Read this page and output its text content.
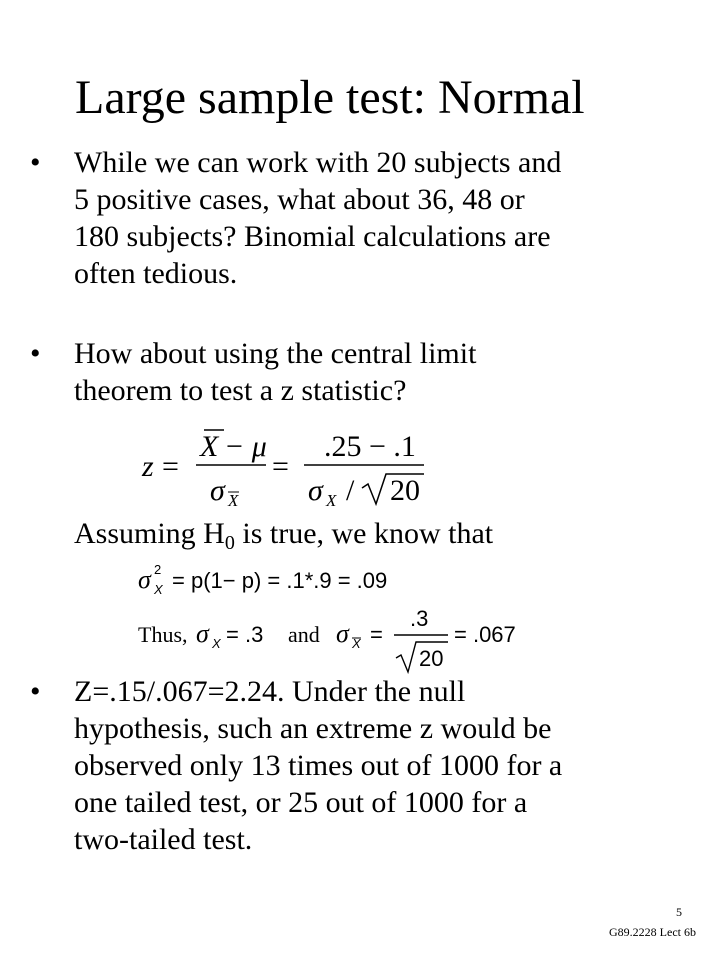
Large sample test: Normal
•	While we can work with 20 subjects and
5 positive cases, what about 36, 48 or
180 subjects? Binomial calculations are
often tedious.
•	How about using the central limit
theorem to test a z statistic?
z =
X − μ
σ X
=
.25 − .1
σ X / 20
Assuming $H_0$ is true, we know that
σ 2
X = p(1− p) = .1*.9 = .09
Thus, σ X = .3 and σ X =
.3
20
= .067
•	Z=.15/.067=2.24. Under the null
hypothesis, such an extreme z would be
observed only 13 times out of 1000 for a
one tailed test, or 25 out of 1000 for a
two-tailed test.
5
G89.2228 Lect 6b
